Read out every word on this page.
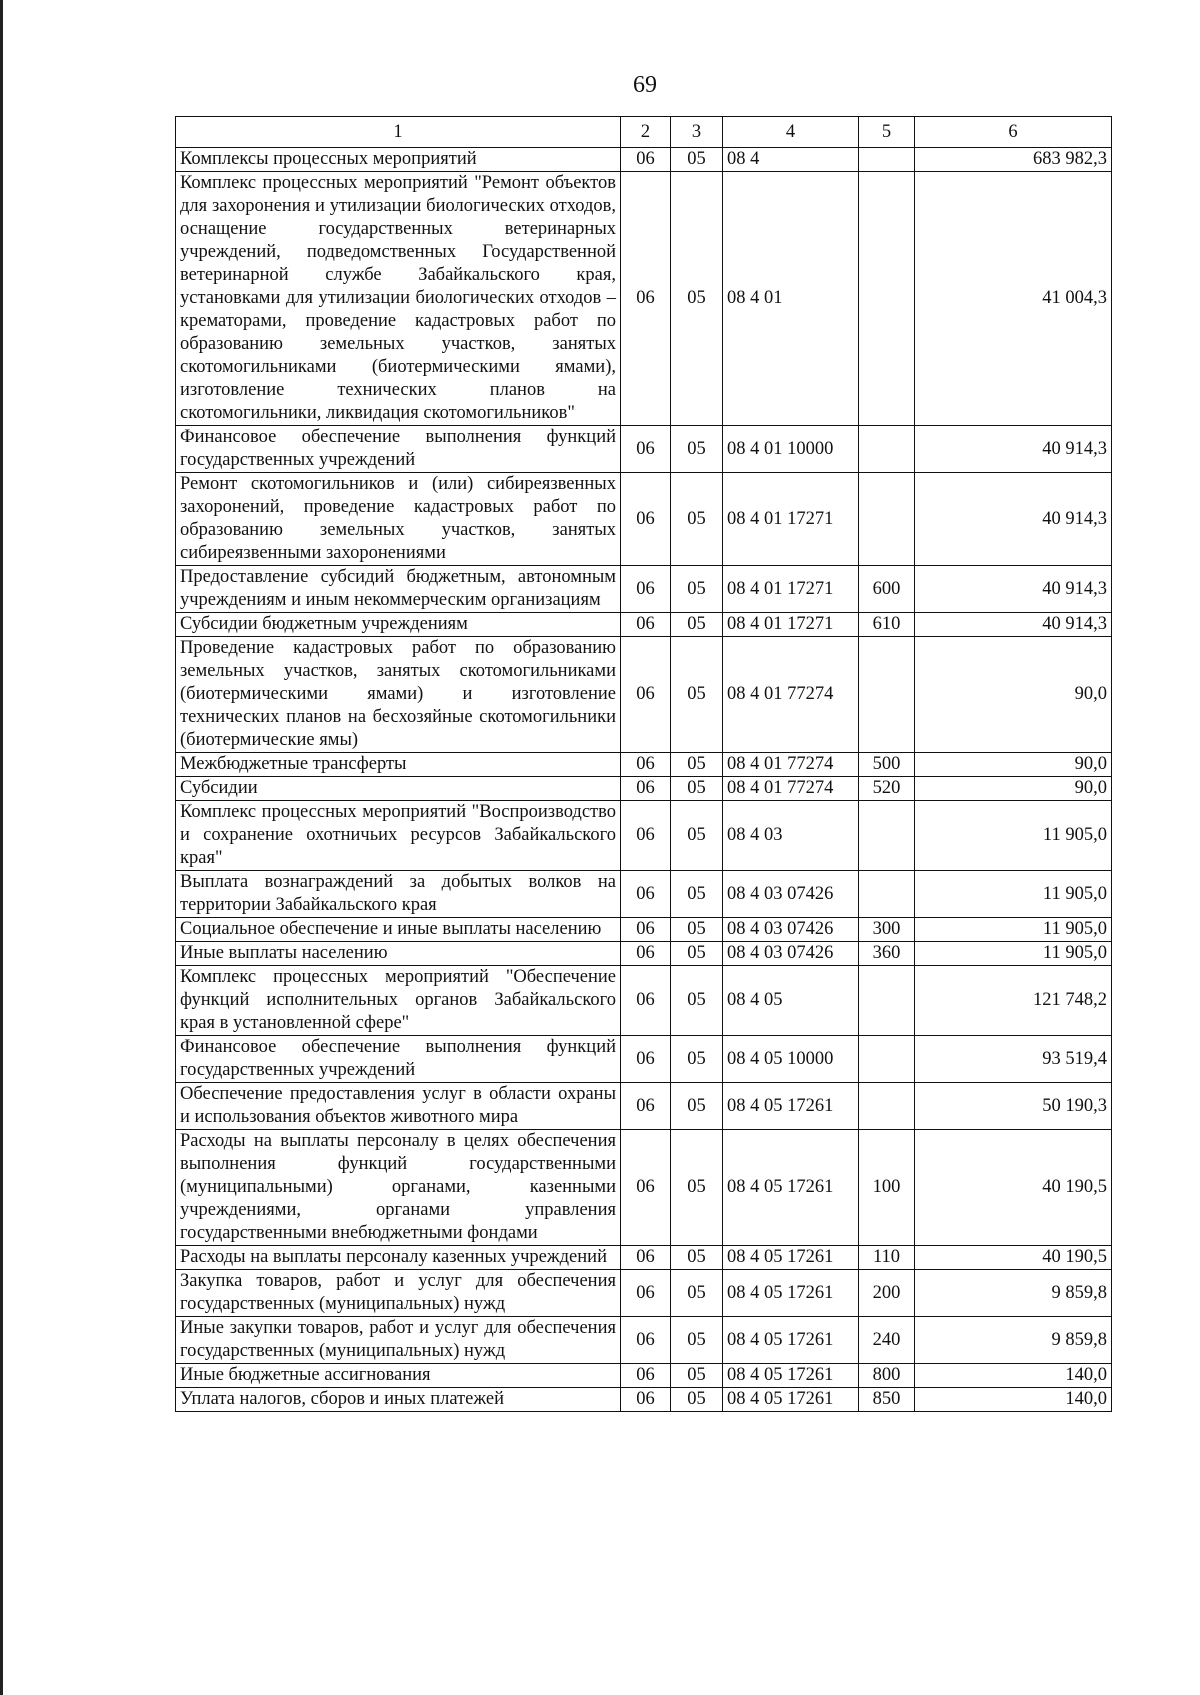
69
1	2	3	4	5	6
Комплексы процессных мероприятий	06	05	08 4		683 982,3
Комплекс процессных мероприятий "Ремонт объектов для захоронения и утилизации биологических отходов, оснащение государственных ветеринарных учреждений, подведомственных Государственной ветеринарной службе Забайкальского края, установками для утилизации биологических отходов – крематорами, проведение кадастровых работ по образованию земельных участков, занятых скотомогильниками (биотермическими ямами), изготовление технических планов на скотомогильники, ликвидация скотомогильников"	06	05	08 4 01		41 004,3
Финансовое обеспечение выполнения функций государственных учреждений	06	05	08 4 01 10000		40 914,3
Ремонт скотомогильников и (или) сибиреязвенных захоронений, проведение кадастровых работ по образованию земельных участков, занятых сибиреязвенными захоронениями	06	05	08 4 01 17271		40 914,3
Предоставление субсидий бюджетным, автономным учреждениям и иным некоммерческим организациям	06	05	08 4 01 17271	600	40 914,3
Субсидии бюджетным учреждениям	06	05	08 4 01 17271	610	40 914,3
Проведение кадастровых работ по образованию земельных участков, занятых скотомогильниками (биотермическими ямами) и изготовление технических планов на бесхозяйные скотомогильники (биотермические ямы)	06	05	08 4 01 77274		90,0
Межбюджетные трансферты	06	05	08 4 01 77274	500	90,0
Субсидии	06	05	08 4 01 77274	520	90,0
Комплекс процессных мероприятий "Воспроизводство и сохранение охотничьих ресурсов Забайкальского края"	06	05	08 4 03		11 905,0
Выплата вознаграждений за добытых волков на территории Забайкальского края	06	05	08 4 03 07426		11 905,0
Социальное обеспечение и иные выплаты населению	06	05	08 4 03 07426	300	11 905,0
Иные выплаты населению	06	05	08 4 03 07426	360	11 905,0
Комплекс процессных мероприятий "Обеспечение функций исполнительных органов Забайкальского края в установленной сфере"	06	05	08 4 05		121 748,2
Финансовое обеспечение выполнения функций государственных учреждений	06	05	08 4 05 10000		93 519,4
Обеспечение предоставления услуг в области охраны и использования объектов животного мира	06	05	08 4 05 17261		50 190,3
Расходы на выплаты персоналу в целях обеспечения выполнения функций государственными (муниципальными) органами, казенными учреждениями, органами управления государственными внебюджетными фондами	06	05	08 4 05 17261	100	40 190,5
Расходы на выплаты персоналу казенных учреждений	06	05	08 4 05 17261	110	40 190,5
Закупка товаров, работ и услуг для обеспечения государственных (муниципальных) нужд	06	05	08 4 05 17261	200	9 859,8
Иные закупки товаров, работ и услуг для обеспечения государственных (муниципальных) нужд	06	05	08 4 05 17261	240	9 859,8
Иные бюджетные ассигнования	06	05	08 4 05 17261	800	140,0
Уплата налогов, сборов и иных платежей	06	05	08 4 05 17261	850	140,0
